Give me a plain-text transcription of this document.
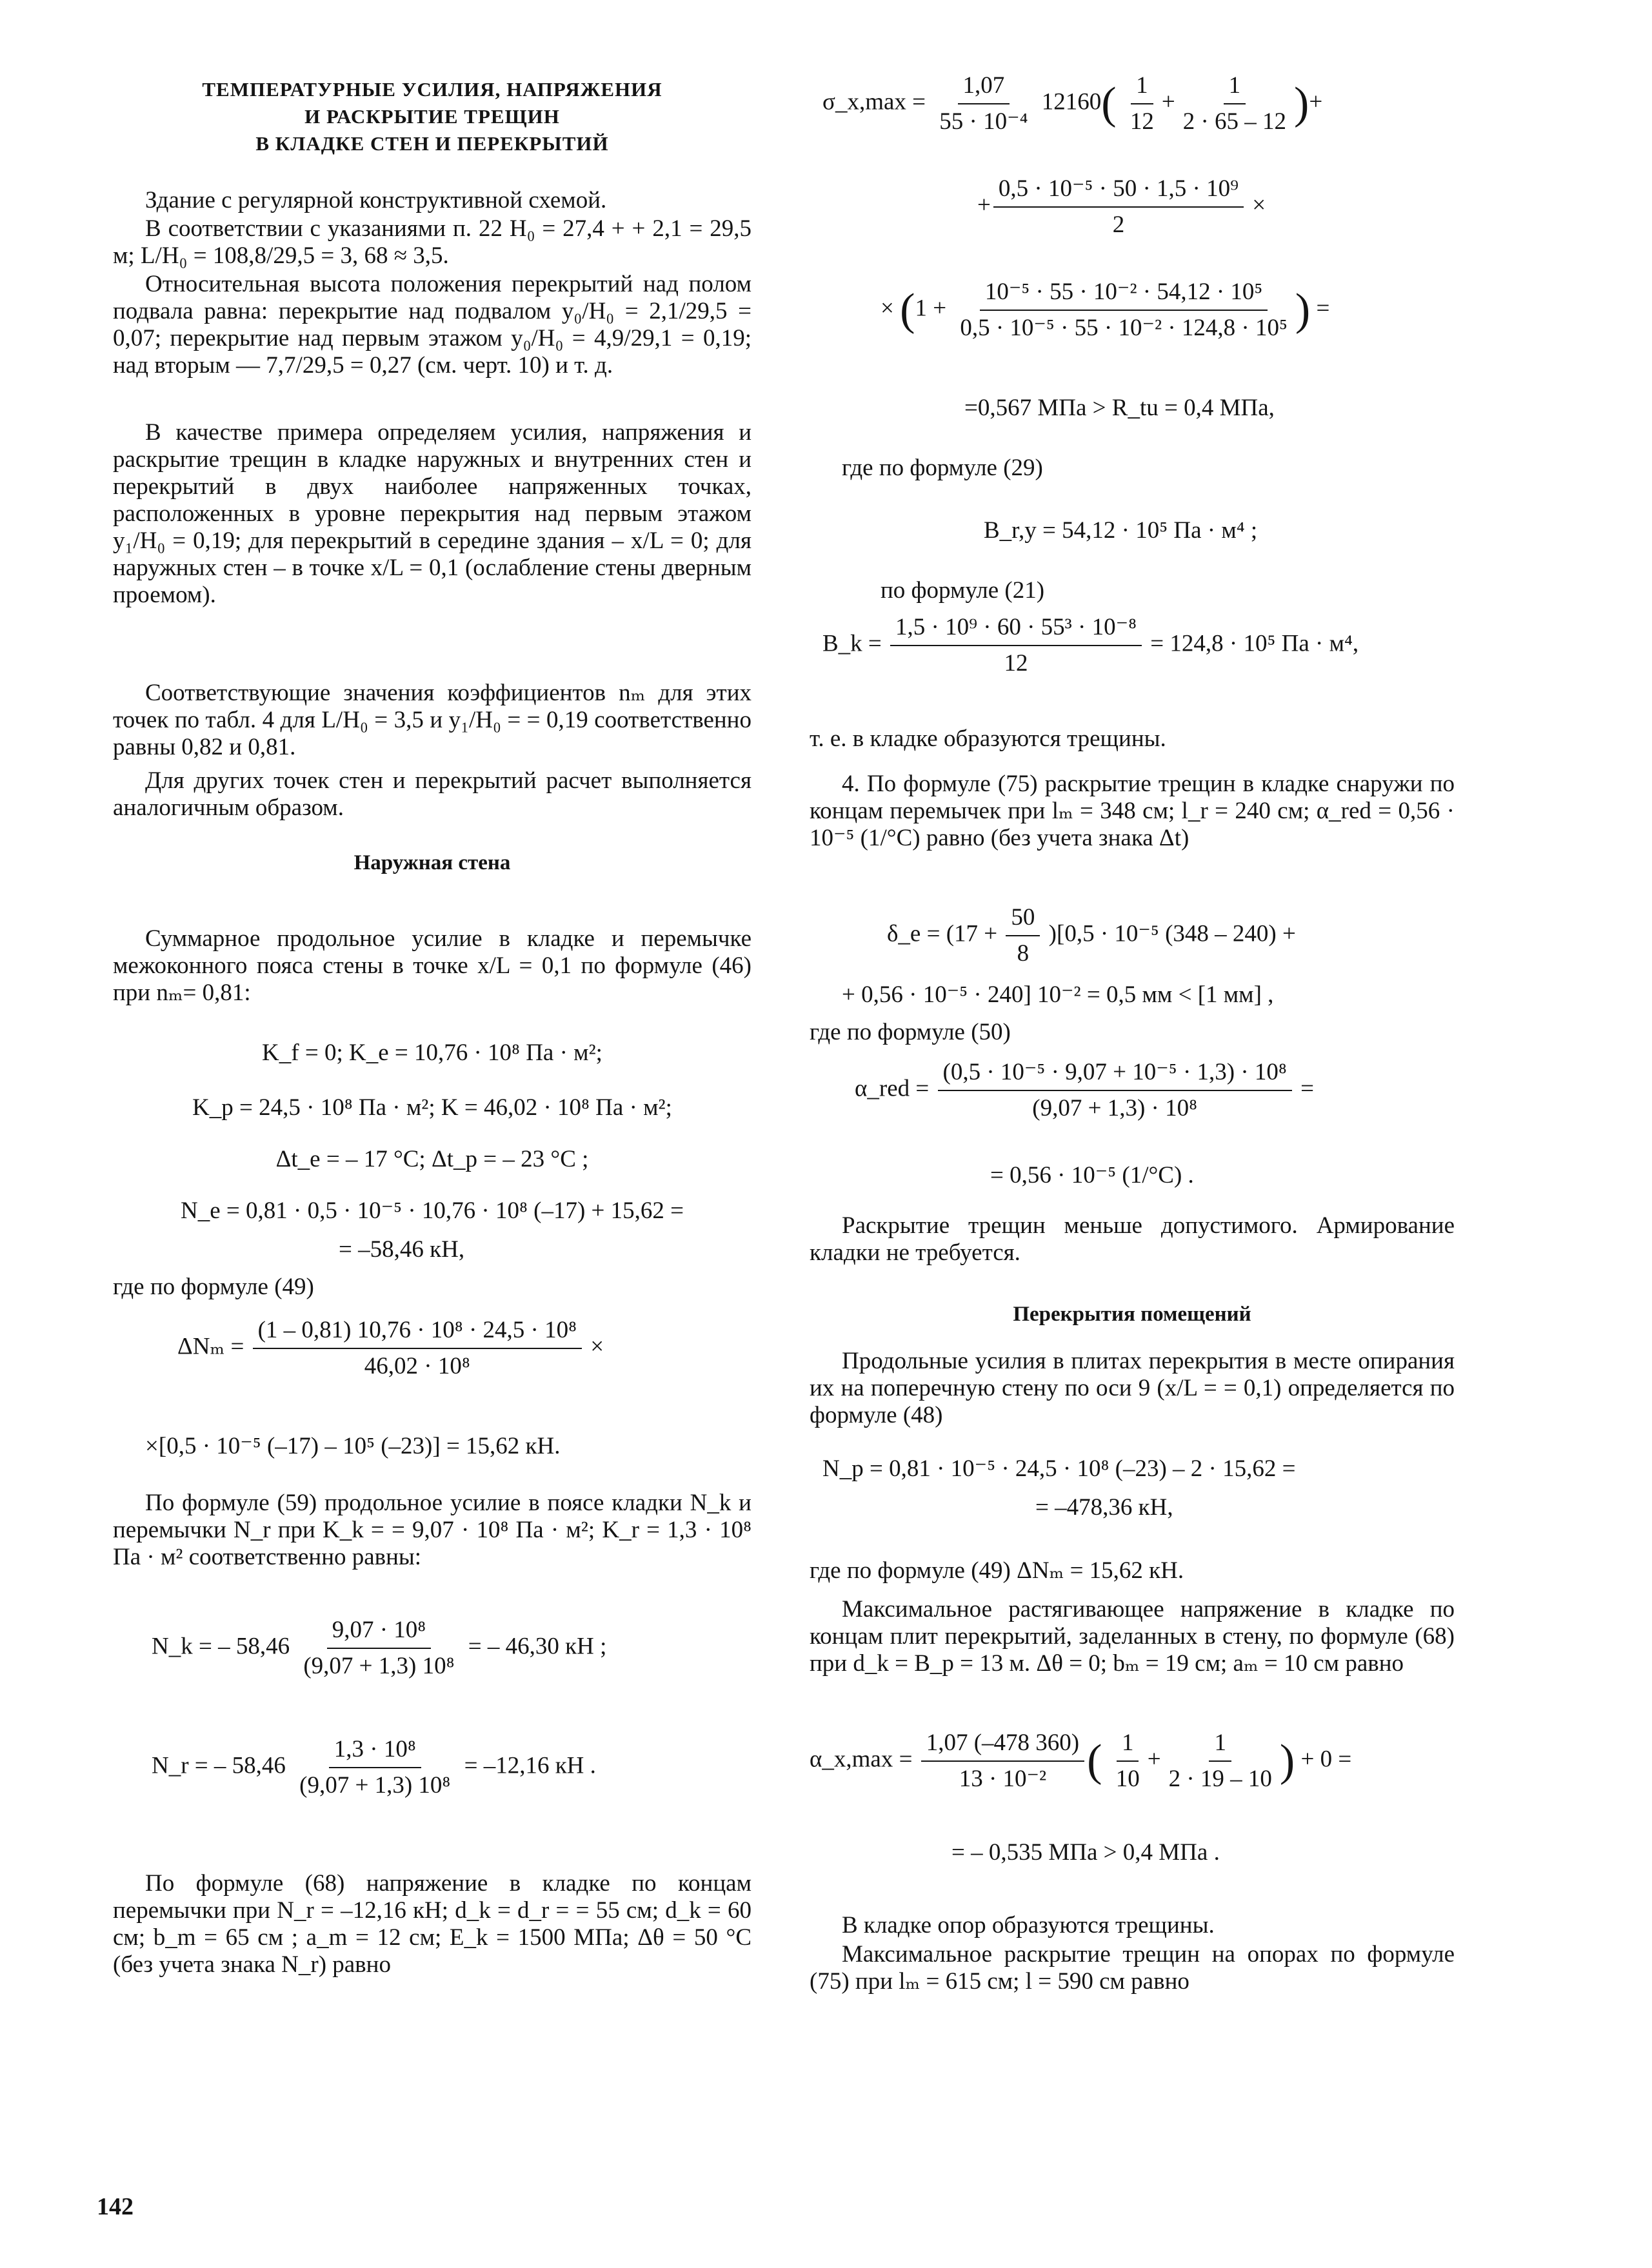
ТЕМПЕРАТУРНЫЕ УСИЛИЯ, НАПРЯЖЕНИЯ
И РАСКРЫТИЕ ТРЕЩИН
В КЛАДКЕ СТЕН И ПЕРЕКРЫТИЙ

Здание с регулярной конструктивной схемой.

В соответствии с указаниями п. 22 H₀ = 27,4 + + 2,1 = 29,5 м; L/H₀ = 108,8/29,5 = 3, 68 ≈ 3,5.

Относительная высота положения перекрытий над полом подвала равна: перекрытие над подвалом y₀/H₀ = 2,1/29,5 = 0,07; перекрытие над первым этажом y₀/H₀ = 4,9/29,1 = 0,19; над вторым — 7,7/29,5 = 0,27 (см. черт. 10) и т. д.

В качестве примера определяем усилия, напряжения и раскрытие трещин в кладке наружных и внутренних стен и перекрытий в двух наиболее напряженных точках, расположенных в уровне перекрытия над первым этажом y₁/H₀ = 0,19; для перекрытий в середине здания – x/L = 0; для наружных стен – в точке x/L = 0,1 (ослабление стены дверным проемом).

Соответствующие значения коэффициентов nₘ для этих точек по табл. 4 для L/H₀ = 3,5 и y₁/H₀ = = 0,19 соответственно равны 0,82 и 0,81.

Для других точек стен и перекрытий расчет выполняется аналогичным образом.

Наружная стена

Суммарное продольное усилие в кладке и перемычке межоконного пояса стены в точке x/L = 0,1 по формуле (46) при nₘ= 0,81:

K_f = 0; K_e = 10,76 · 10⁸ Па · м²;
K_p = 24,5 · 10⁸ Па · м²; K = 46,02 · 10⁸ Па · м²;
Δt_e = – 17 °С; Δt_p = – 23 °С ;
N_e = 0,81 · 0,5 · 10⁻⁵ · 10,76 · 10⁸ (–17) + 15,62 =
= –58,46 кН,

где по формуле (49)

$\Delta N_m = \frac{\text{(1 – 0,81) 10,76 · 10⁸ · 24,5 · 10⁸}}{\text{46,02 · 10⁸}}$ ×
×[0,5 · 10⁻⁵ (–17) – 10⁵ (–23)] = 15,62 кН.

По формуле (59) продольное усилие в поясе кладки N_k и перемычки N_r при K_k = = 9,07 · 10⁸ Па · м²; K_r = 1,3 · 10⁸ Па · м² соответственно равны:

N_k = – $58,46 \frac{\text{9,07 · 10⁸}}{\text{(9,07 + 1,3) 10⁸}}$ = – 46,30 кН ;
N_r = – $58,46 \frac{\text{1,3 · 10⁸}}{\text{(9,07 + 1,3) 10⁸}} = -12,16$ кН .

По формуле (68) напряжение в кладке по концам перемычки при N_r = –12,16 кН; d_k = d_r = = 55 см; d_k = 60 см; b_m = 65 см ; a_m = 12 см; E_k = 1500 МПа; Δθ = 50 °С (без учета знака N_r) равно

σ_x,max = $\frac{1,07}{\text{55 · 10⁻⁴}} 12160( \frac{1}{12} + \frac{1}{2 \cdot 65 - 12}$ )+
+ $\frac{\text{0,5 · 10⁻⁵ · 50 · 1,5 · 10⁹}}{2}$ ×
× ($1 + \frac{\text{10⁻⁵ · 55 · 10⁻² · 54,12 · 10⁵}}{\text{0,5 · 10⁻⁵ · 55 · 10⁻² · 124,8 · 10⁵}}$ ) =
=0,567 МПа > R_tu = 0,4 МПа,

где по формуле (29)

B_r,y = 54,12 · 10⁵ Па · м⁴ ;

по формуле (21)

B_k = $\frac{\text{1,5 · 10⁹ · 60 · 55³ · 10⁻⁸}}{12} = 124,8 \cdot 10^5$ Па · м⁴,

т. е. в кладке образуются трещины.

4. По формуле (75) раскрытие трещин в кладке снаружи по концам перемычек при lₘ = 348 см; l_r = 240 см; α_red = 0,56 · 10⁻⁵ (1/°С) равно (без учета знака Δt)

δ_e = $(17 + \frac{50}{8} )[0,5 \cdot 10^{-5}$ (348 – 240) +
+ 0,56 · 10⁻⁵ · 240] 10⁻² = 0,5 мм < [1 мм] ,

где по формуле (50)

α_red = $\frac{\text{(0,5 · 10⁻⁵ · 9,07 + 10⁻⁵ · 1,3) · 10⁸}}{\text{(9,07 + 1,3) · 10⁸}}$ =
= 0,56 · 10⁻⁵ (1/°С) .

Раскрытие трещин меньше допустимого. Армирование кладки не требуется.

Перекрытия помещений

Продольные усилия в плитах перекрытия в месте опирания их на поперечную стену по оси 9 (x/L = = 0,1) определяется по формуле (48)

N_p = 0,81 · 10⁻⁵ · 24,5 · 10⁸ (–23) – 2 · 15,62 =
= –478,36 кН,

где по формуле (49) ΔNₘ = 15,62 кН.

Максимальное растягивающее напряжение в кладке по концам плит перекрытий, заделанных в стену, по формуле (68) при d_k = B_p = 13 м. Δθ = 0; bₘ = 19 см; aₘ = 10 см равно

α_x,max = $\frac{1,07 (-478 360)}{\text{13 · 10⁻²}}$ ( $\frac{1}{10} + \frac{1}{2 \cdot 19 - 10}$ ) + 0 =
= – 0,535 МПа > 0,4 МПа .

В кладке опор образуются трещины.

Максимальное раскрытие трещин на опорах по формуле (75) при lₘ = 615 см; l = 590 см равно

142
